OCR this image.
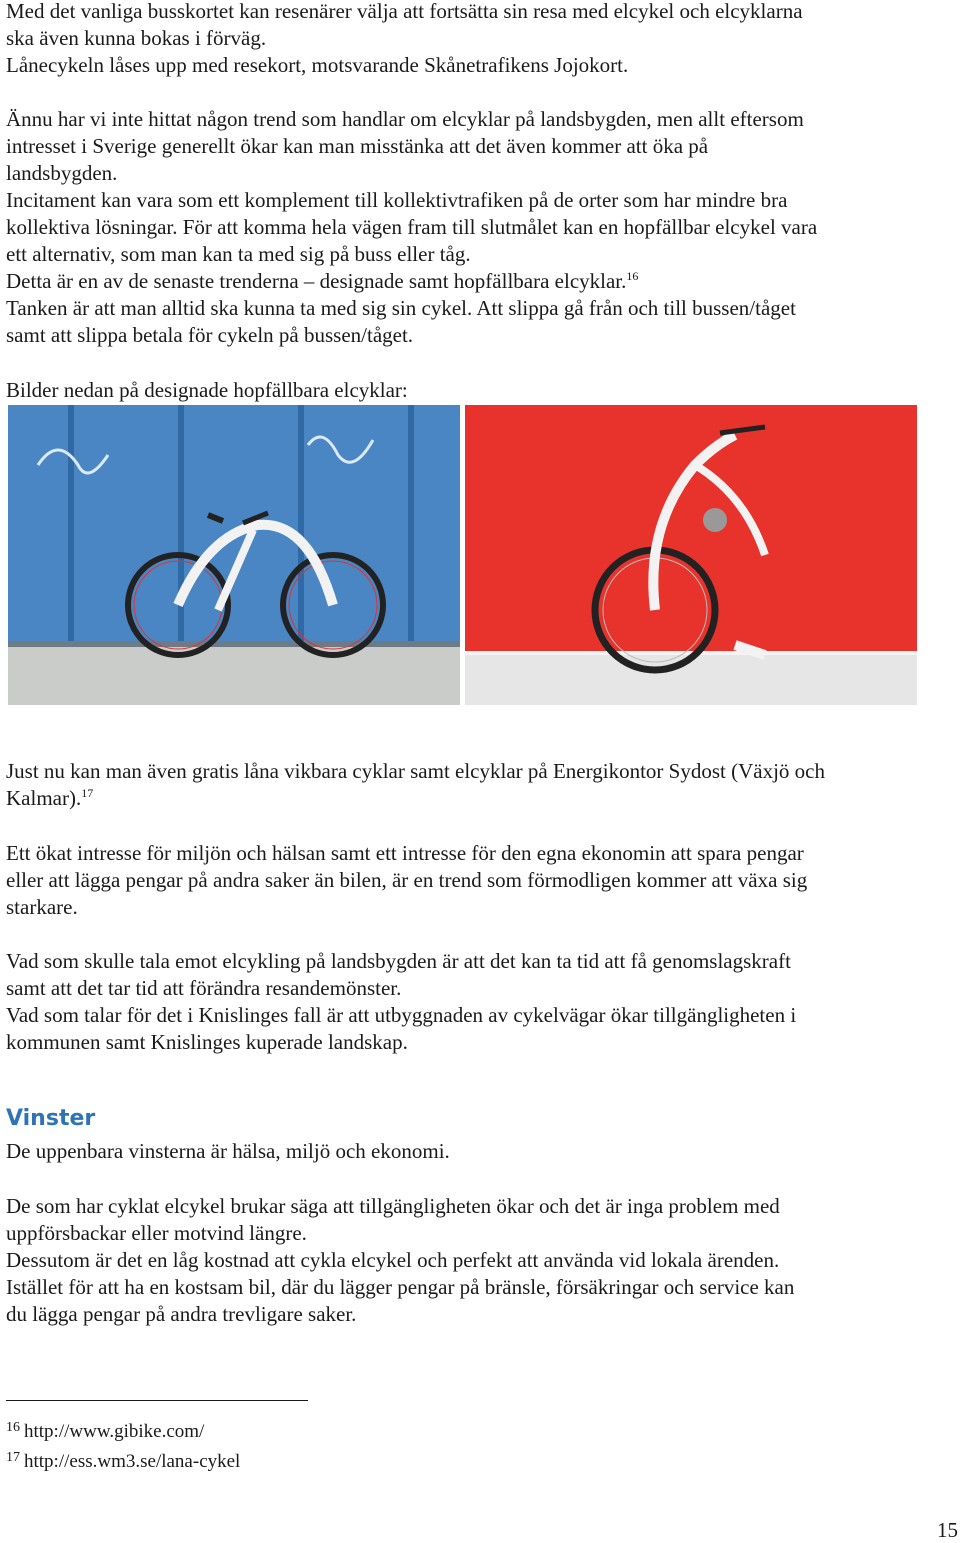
Med det vanliga busskortet kan resenärer välja att fortsätta sin resa med elcykel och elcyklarna

ska även kunna bokas i förväg.

Lånecykeln låses upp med resekort, motsvarande Skånetrafikens Jojokort.

Ännu har vi inte hittat någon trend som handlar om elcyklar på landsbygden, men allt eftersom

intresset i Sverige generellt ökar kan man misstänka att det även kommer att öka på

landsbygden.

Incitament kan vara som ett komplement till kollektivtrafiken på de orter som har mindre bra

kollektiva lösningar. För att komma hela vägen fram till slutmålet kan en hopfällbar elcykel vara

ett alternativ, som man kan ta med sig på buss eller tåg.

Detta är en av de senaste trenderna – designade samt hopfällbara elcyklar.$^{16}$

Tanken är att man alltid ska kunna ta med sig sin cykel. Att slippa gå från och till bussen/tåget

samt att slippa betala för cykeln på bussen/tåget.

Bilder nedan på designade hopfällbara elcyklar:

Just nu kan man även gratis låna vikbara cyklar samt elcyklar på Energikontor Sydost (Växjö och

Kalmar).$^{17}$

Ett ökat intresse för miljön och hälsan samt ett intresse för den egna ekonomin att spara pengar

eller att lägga pengar på andra saker än bilen, är en trend som förmodligen kommer att växa sig

starkare.

Vad som skulle tala emot elcykling på landsbygden är att det kan ta tid att få genomslagskraft

samt att det tar tid att förändra resandemönster.

Vad som talar för det i Knislinges fall är att utbyggnaden av cykelvägar ökar tillgängligheten i

kommunen samt Knislinges kuperade landskap.

Vinster

De uppenbara vinsterna är hälsa, miljö och ekonomi.

De som har cyklat elcykel brukar säga att tillgängligheten ökar och det är inga problem med

uppförsbackar eller motvind längre.

Dessutom är det en låg kostnad att cykla elcykel och perfekt att använda vid lokala ärenden.

Istället för att ha en kostsam bil, där du lägger pengar på bränsle, försäkringar och service kan

du lägga pengar på andra trevligare saker.

$^{16}$ http://www.gibike.com/

$^{17}$ http://ess.wm3.se/lana-cykel

15
